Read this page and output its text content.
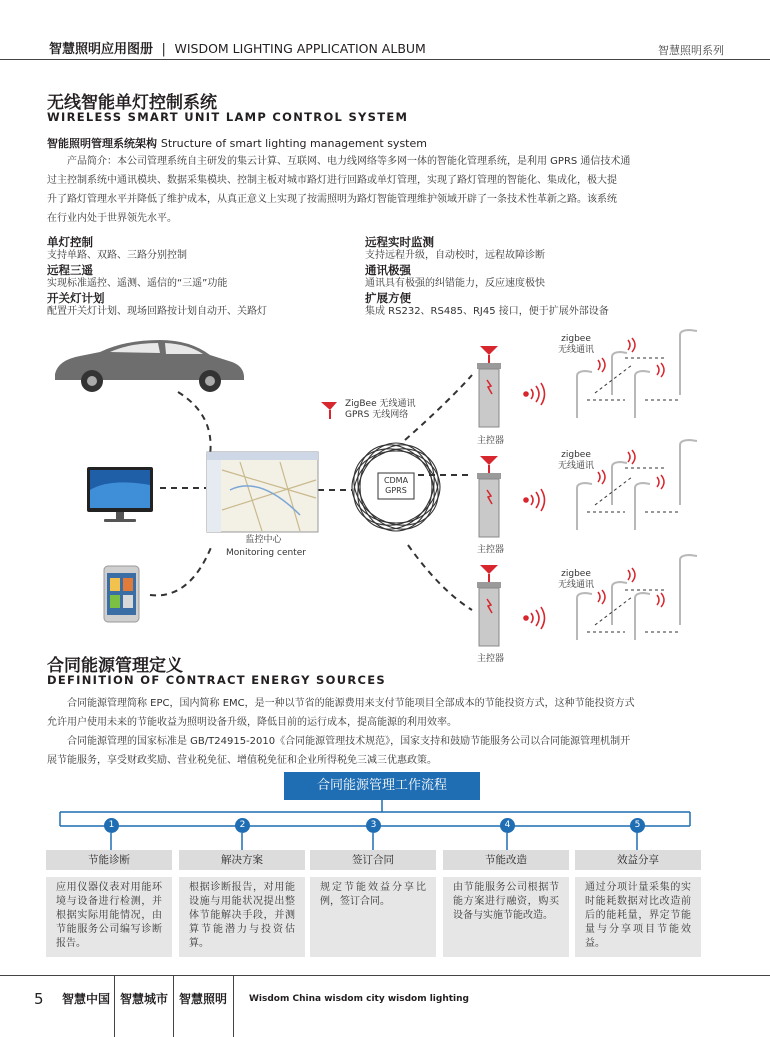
智慧照明应用图册 | WISDOM LIGHTING APPLICATION ALBUM	智慧照明系列
无线智能单灯控制系统
WIRELESS SMART UNIT LAMP CONTROL SYSTEM
智能照明管理系统架构 Structure of smart lighting management system
产品简介：本公司管理系统自主研发的集云计算、互联网、电力线网络等多网一体的智能化管理系统，是利用 GPRS 通信技术通
过主控制系统中通讯模块、数据采集模块、控制主板对城市路灯进行回路或单灯管理，实现了路灯管理的智能化、集成化，极大提
升了路灯管理水平并降低了维护成本，从真正意义上实现了按需照明为路灯智能管理维护领域开辟了一条技术性革新之路。该系统
在行业内处于世界领先水平。
单灯控制
支持单路、双路、三路分别控制
远程三遥
实现标准遥控、遥测、遥信的“三遥”功能
开关灯计划
配置开关灯计划、现场回路按计划自动开、关路灯
远程实时监测
支持远程升级，自动校时，远程故障诊断
通讯极强
通讯具有极强的纠错能力，反应速度极快
扩展方便
集成 RS232、RS485、RJ45 接口，便于扩展外部设备
ZigBee 无线通讯
GPRS 无线网络
CDMA
GPRS
监控中心
Monitoring center
主控器
主控器
主控器
zigbee
无线通讯
zigbee
无线通讯
zigbee
无线通讯
合同能源管理定义
DEFINITION OF CONTRACT ENERGY SOURCES
合同能源管理简称 EPC，国内简称 EMC，是一种以节省的能源费用来支付节能项目全部成本的节能投资方式，这种节能投资方式
允许用户使用未来的节能收益为照明设备升级，降低目前的运行成本，提高能源的利用效率。
合同能源管理的国家标准是 GB/T24915-2010《合同能源管理技术规范》，国家支持和鼓励节能服务公司以合同能源管理机制开
展节能服务，享受财政奖励、营业税免征、增值税免征和企业所得税免三减三优惠政策。
合同能源管理工作流程
1	2	3	4	5
节能诊断	解决方案	签订合同	节能改造	效益分享
应用仪器仪表对用能环境与设备进行检测，并根据实际用能情况，由节能服务公司编写诊断报告。
根据诊断报告，对用能设施与用能状况提出整体节能解决手段，并测算节能潜力与投资估算。
规定节能效益分享比例，签订合同。
由节能服务公司根据节能方案进行融资，购买设备与实施节能改造。
通过分项计量采集的实时能耗数据对比改造前后的能耗量，界定节能量与分享项目节能效益。
5 智慧中国 智慧城市 智慧照明 Wisdom China wisdom city wisdom lighting
